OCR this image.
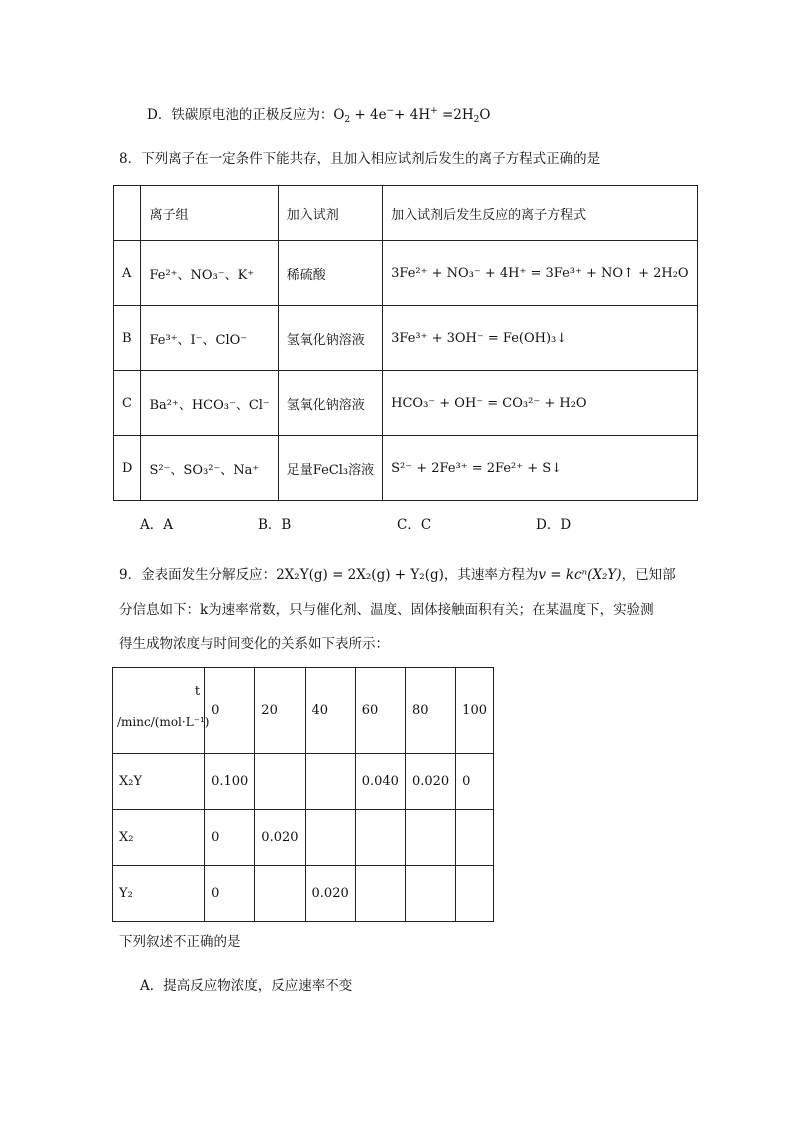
D．铁碳原电池的正极反应为：$O_2 + 4e^-+ 4H^+ =2H_2O$
8．下列离子在一定条件下能共存，且加入相应试剂后发生的离子方程式正确的是
	离子组	加入试剂	加入试剂后发生反应的离子方程式
A	Fe²⁺、NO₃⁻、K⁺	稀硫酸	3Fe²⁺ + NO₃⁻ + 4H⁺ = 3Fe³⁺ + NO↑ + 2H₂O
B	Fe³⁺、I⁻、ClO⁻	氢氧化钠溶液	3Fe³⁺ + 3OH⁻ = Fe(OH)₃↓
C	Ba²⁺、HCO₃⁻、Cl⁻	氢氧化钠溶液	HCO₃⁻ + OH⁻ = CO₃²⁻ + H₂O
D	S²⁻、SO₃²⁻、Na⁺	足量FeCl₃溶液	S²⁻ + 2Fe³⁺ = 2Fe²⁺ + S↓
A．A	B．B	C．C	D．D
9．金表面发生分解反应：2X₂Y(g) = 2X₂(g) + Y₂(g)，其速率方程为v = kcⁿ(X₂Y)，已知部
分信息如下：k为速率常数，只与催化剂、温度、固体接触面积有关；在某温度下，实验测
得生成物浓度与时间变化的关系如下表所示：
t
/minc/(mol·L⁻¹)	0	20	40	60	80	100
X₂Y	0.100			0.040	0.020	0
X₂	0	0.020				
Y₂	0		0.020			
下列叙述不正确的是
A．提高反应物浓度，反应速率不变
